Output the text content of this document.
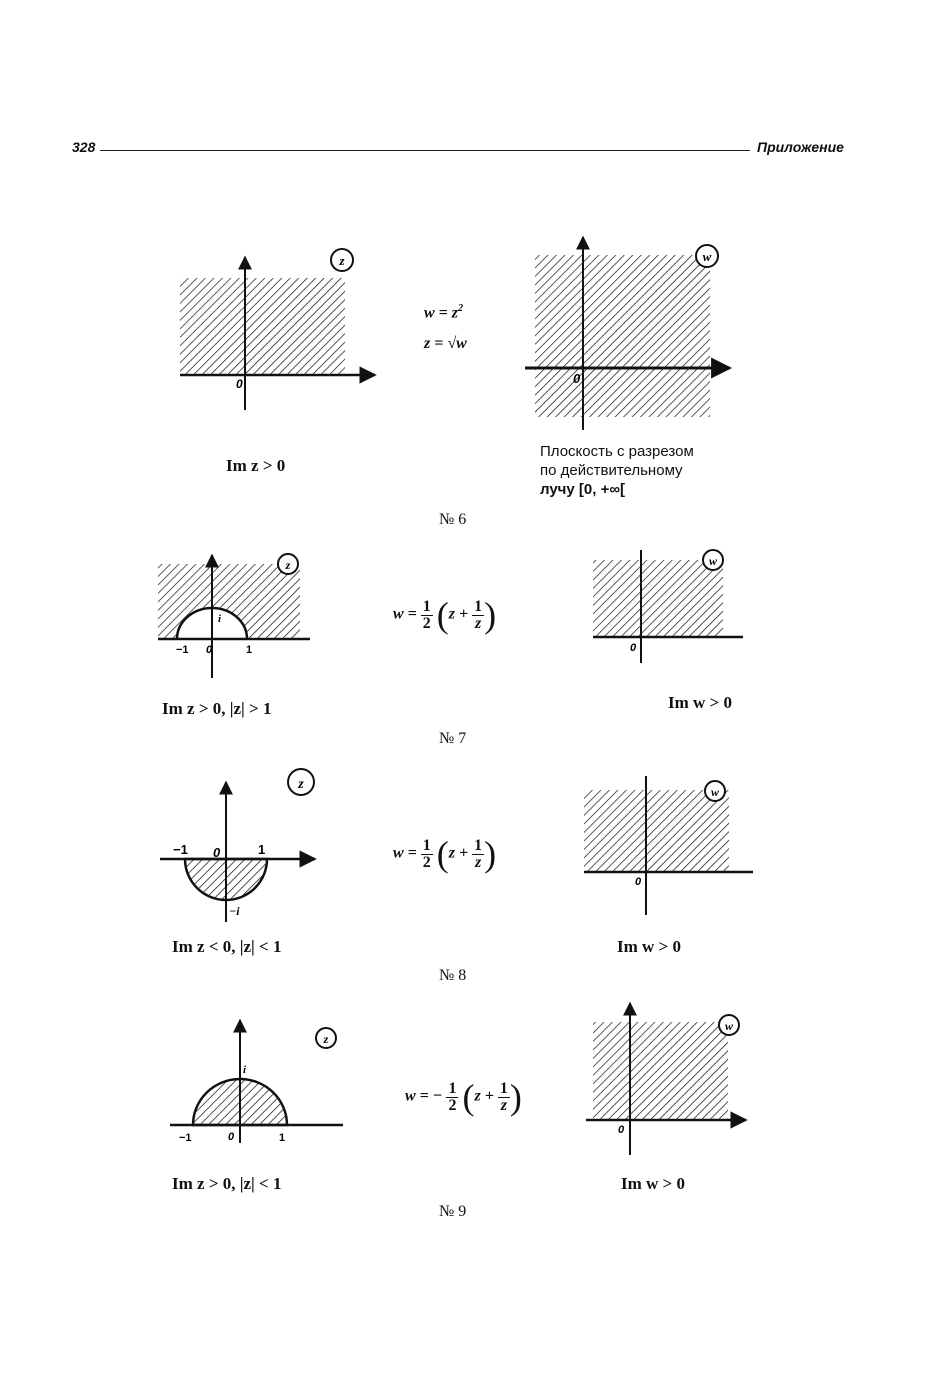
328	Приложение
z
0
Im z > 0
$w = z^2$
z = √w
w
0
Плоскость с разрезом
по действительному
лучу [0, +∞[
№ 6
z
i
−1 0	1
Im z > 0, |z| > 1
$w = \frac{1}{2} (z + \frac{1}{z}$ )
w
0
Im w > 0
№ 7
z
−1 0	1
−i
Im z < 0, |z| < 1
$w = \frac{1}{2} (z + \frac{1}{z}$ )
w
0
Im w > 0
№ 8
z
i
−1	0	1
Im z > 0, |z| < 1
w = − $\frac{1}{2} (z + \frac{1}{z}$ )
w
0
Im w > 0
№ 9
